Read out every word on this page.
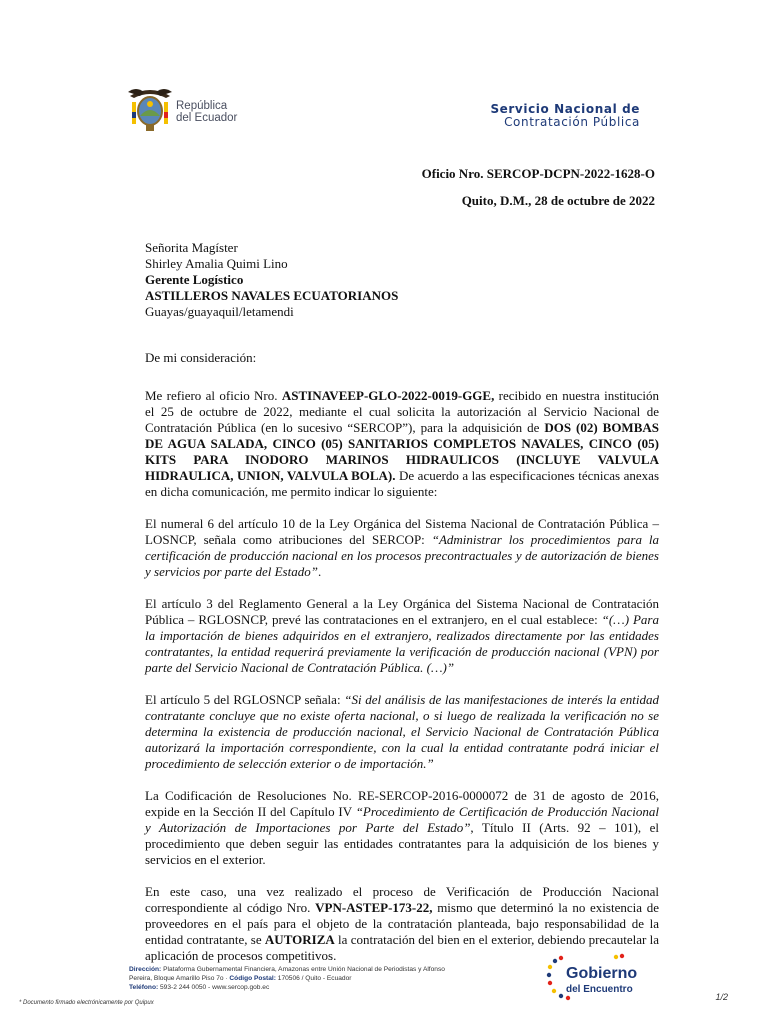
República
del Ecuador
Servicio Nacional de
Contratación Pública
Oficio Nro. SERCOP-DCPN-2022-1628-O
Quito, D.M., 28 de octubre de 2022

Señorita Magíster

Shirley Amalia Quimi Lino

Gerente Logístico

ASTILLEROS NAVALES ECUATORIANOS

Guayas/guayaquil/letamendi

De mi consideración:

Me refiero al oficio Nro. ASTINAVEEP-GLO-2022-0019-GGE, recibido en nuestra institución el 25 de octubre de 2022, mediante el cual solicita la autorización al Servicio Nacional de Contratación Pública (en lo sucesivo “SERCOP”), para la adquisición de DOS (02) BOMBAS DE AGUA SALADA, CINCO (05) SANITARIOS COMPLETOS NAVALES, CINCO (05) KITS PARA INODORO MARINOS HIDRAULICOS (INCLUYE VALVULA HIDRAULICA, UNION, VALVULA BOLA). De acuerdo a las especificaciones técnicas anexas en dicha comunicación, me permito indicar lo siguiente:

El numeral 6 del artículo 10 de la Ley Orgánica del Sistema Nacional de Contratación Pública – LOSNCP, señala como atribuciones del SERCOP: “Administrar los procedimientos para la certificación de producción nacional en los procesos precontractuales y de autorización de bienes y servicios por parte del Estado”.

El artículo 3 del Reglamento General a la Ley Orgánica del Sistema Nacional de Contratación Pública – RGLOSNCP, prevé las contrataciones en el extranjero, en el cual establece: “(…) Para la importación de bienes adquiridos en el extranjero, realizados directamente por las entidades contratantes, la entidad requerirá previamente la verificación de producción nacional (VPN) por parte del Servicio Nacional de Contratación Pública. (…)”

El artículo 5 del RGLOSNCP señala: “Si del análisis de las manifestaciones de interés la entidad contratante concluye que no existe oferta nacional, o si luego de realizada la verificación no se determina la existencia de producción nacional, el Servicio Nacional de Contratación Pública autorizará la importación correspondiente, con la cual la entidad contratante podrá iniciar el procedimiento de selección exterior o de importación.”

La Codificación de Resoluciones No. RE-SERCOP-2016-0000072 de 31 de agosto de 2016, expide en la Sección II del Capítulo IV “Procedimiento de Certificación de Producción Nacional y Autorización de Importaciones por Parte del Estado”, Título II (Arts. 92 – 101), el procedimiento que deben seguir las entidades contratantes para la adquisición de los bienes y servicios en el exterior.

En este caso, una vez realizado el proceso de Verificación de Producción Nacional correspondiente al código Nro. VPN-ASTEP-173-22, mismo que determinó la no existencia de proveedores en el país para el objeto de la contratación planteada, bajo responsabilidad de la entidad contratante, se AUTORIZA la contratación del bien en el exterior, debiendo precautelar la aplicación de procesos competitivos.

Dirección: Plataforma Gubernamental Financiera, Amazonas entre Unión Nacional de Periodistas y Alfonso Pereira, Bloque Amarillo Piso 7o · Código Postal: 170506 / Quito - Ecuador
Teléfono: 593-2 244 0050 - www.sercop.gob.ec
Gobierno
del Encuentro
1/2
* Documento firmado electrónicamente por Quipux
